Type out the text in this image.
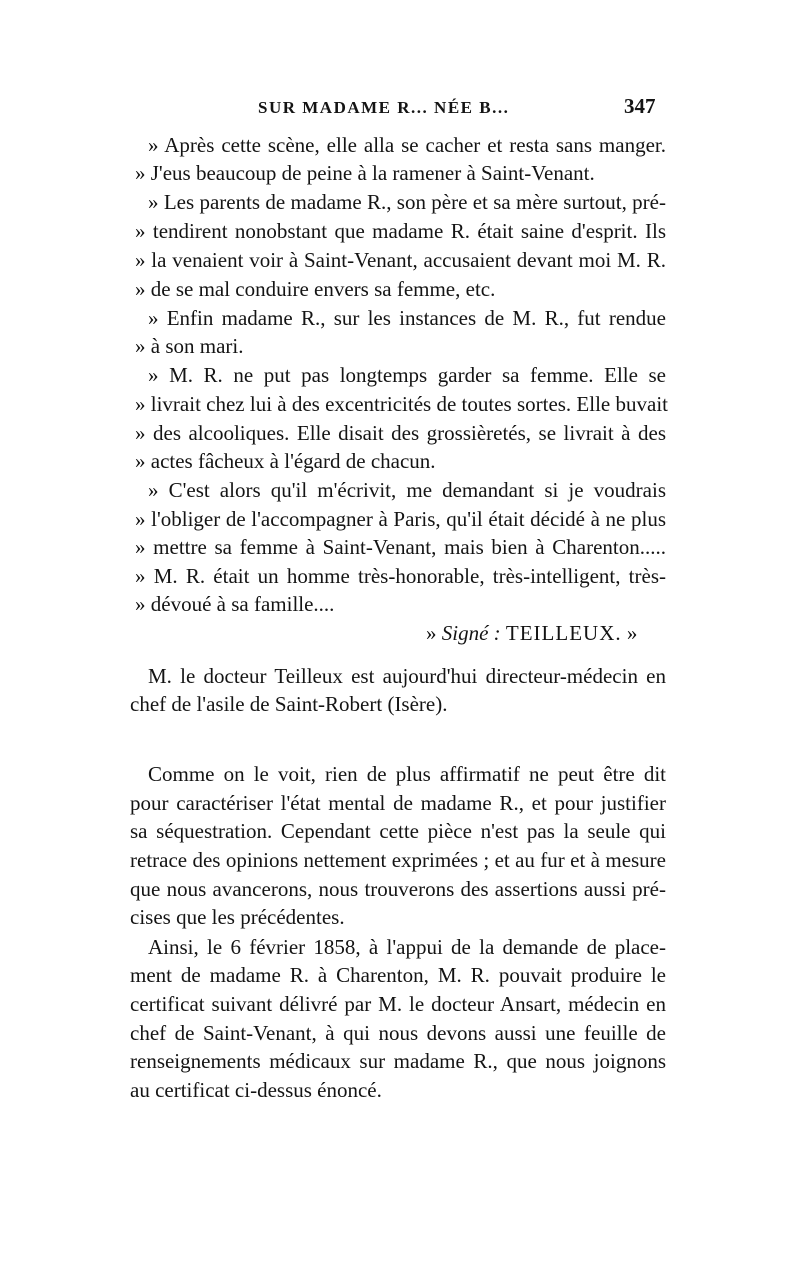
SUR MADAME R... NÉE B...	347
» Après cette scène, elle alla se cacher et resta sans manger.
» J'eus beaucoup de peine à la ramener à Saint-Venant.
» Les parents de madame R., son père et sa mère surtout, pré-
» tendirent nonobstant que madame R. était saine d'esprit. Ils
» la venaient voir à Saint-Venant, accusaient devant moi M. R.
» de se mal conduire envers sa femme, etc.
» Enfin madame R., sur les instances de M. R., fut rendue
» à son mari.
» M. R. ne put pas longtemps garder sa femme. Elle se
» livrait chez lui à des excentricités de toutes sortes. Elle buvait
» des alcooliques. Elle disait des grossièretés, se livrait à des
» actes fâcheux à l'égard de chacun.
» C'est alors qu'il m'écrivit, me demandant si je voudrais
» l'obliger de l'accompagner à Paris, qu'il était décidé à ne plus
» mettre sa femme à Saint-Venant, mais bien à Charenton.....
» M. R. était un homme très-honorable, très-intelligent, très-
» dévoué à sa famille....
» Signé : TEILLEUX. »
M. le docteur Teilleux est aujourd'hui directeur-médecin en
chef de l'asile de Saint-Robert (Isère).
Comme on le voit, rien de plus affirmatif ne peut être dit
pour caractériser l'état mental de madame R., et pour justifier
sa séquestration. Cependant cette pièce n'est pas la seule qui
retrace des opinions nettement exprimées ; et au fur et à mesure
que nous avancerons, nous trouverons des assertions aussi pré-
cises que les précédentes.
Ainsi, le 6 février 1858, à l'appui de la demande de place-
ment de madame R. à Charenton, M. R. pouvait produire le
certificat suivant délivré par M. le docteur Ansart, médecin en
chef de Saint-Venant, à qui nous devons aussi une feuille de
renseignements médicaux sur madame R., que nous joignons
au certificat ci-dessus énoncé.
